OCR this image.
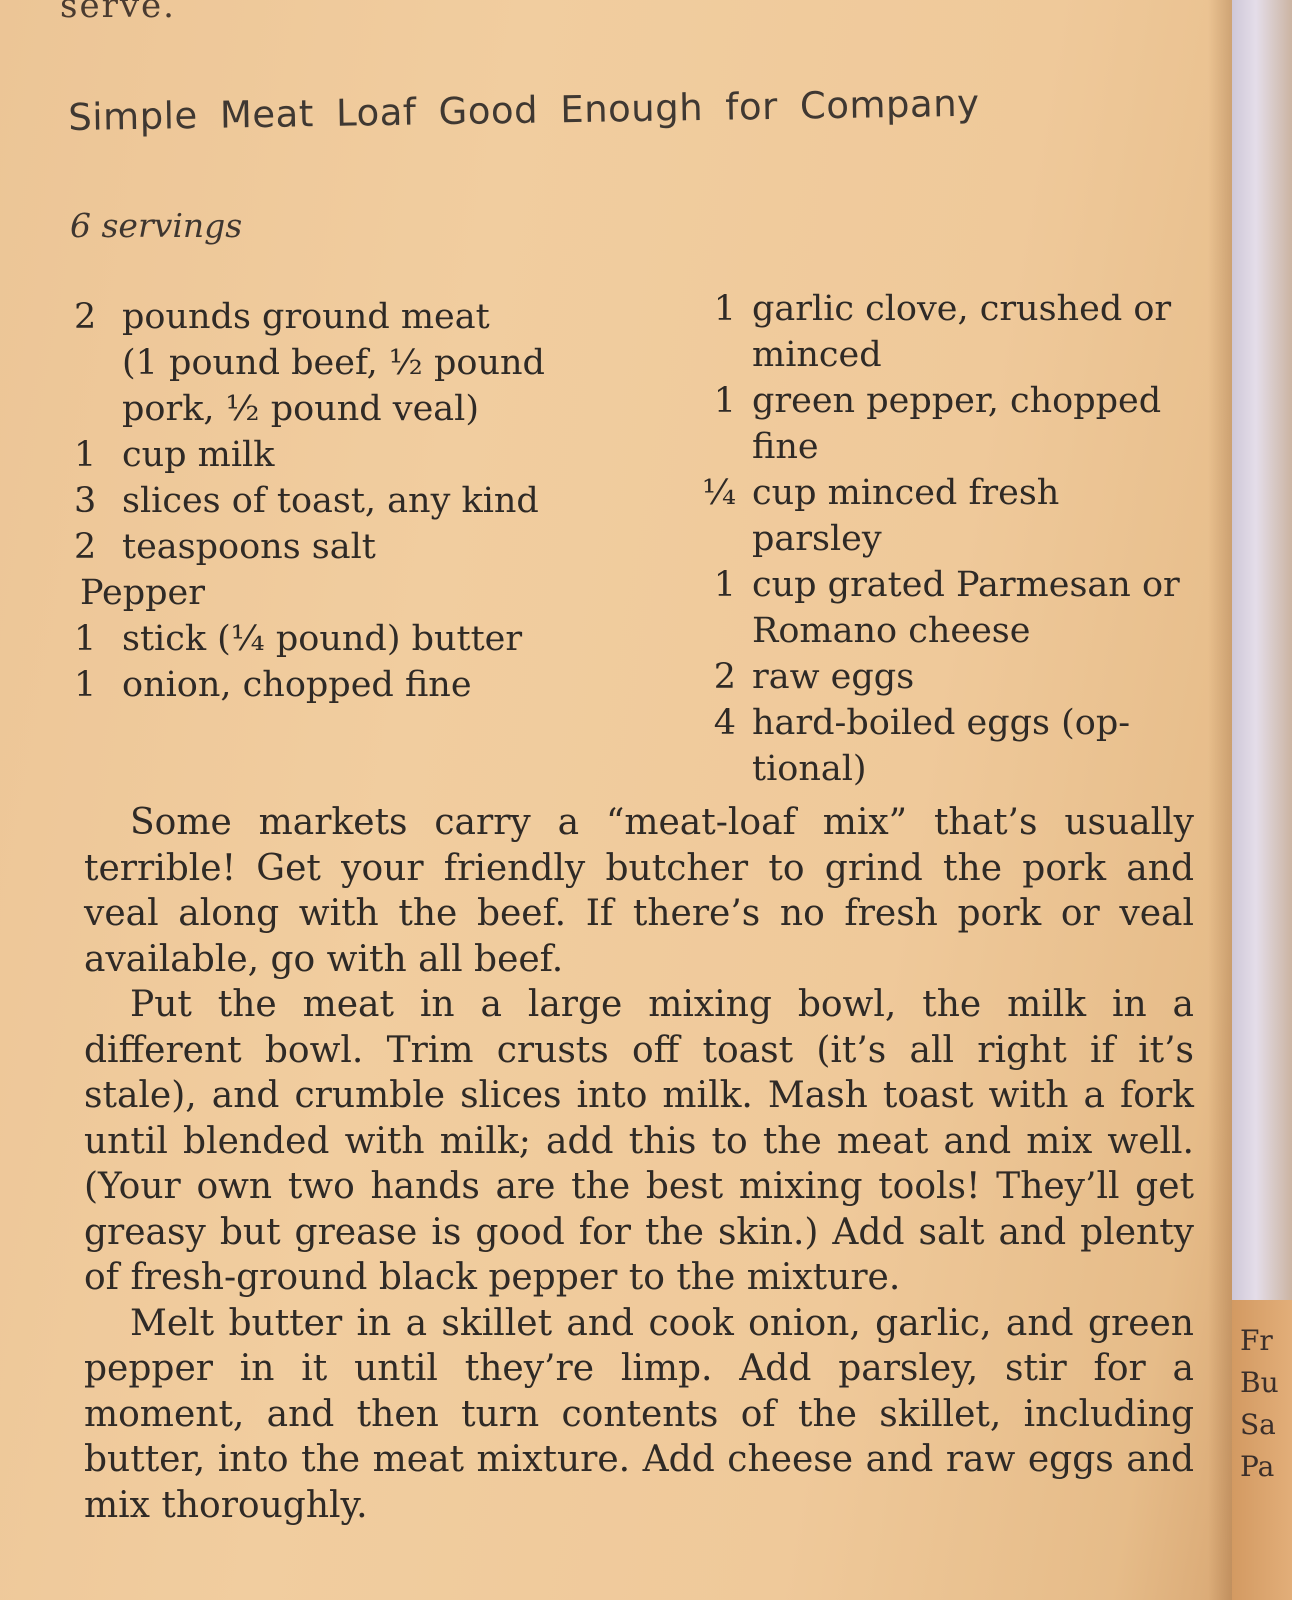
serve.
Simple Meat Loaf Good Enough for Company
6 servings
2 pounds ground meat
(1 pound beef, ½ pound
pork, ½ pound veal)
1 cup milk
3 slices of toast, any kind
2 teaspoons salt
Pepper
1 stick (¼ pound) butter
1 onion, chopped fine
1 garlic clove, crushed or
minced
1 green pepper, chopped
fine
¼ cup minced fresh parsley
1 cup grated Parmesan or
Romano cheese
2 raw eggs
4 hard-boiled eggs (op-
tional)

Some markets carry a “meat-loaf mix” that’s usually terrible! Get your friendly butcher to grind the pork and veal along with the beef. If there’s no fresh pork or veal available, go with all beef.

Put the meat in a large mixing bowl, the milk in a different bowl. Trim crusts off toast (it’s all right if it’s stale), and crumble slices into milk. Mash toast with a fork until blended with milk; add this to the meat and mix well. (Your own two hands are the best mixing tools! They’ll get greasy but grease is good for the skin.) Add salt and plenty of fresh-ground black pepper to the mixture.

Melt butter in a skillet and cook onion, garlic, and green pepper in it until they’re limp. Add parsley, stir for a moment, and then turn contents of the skillet, including butter, into the meat mixture. Add cheese and raw eggs and mix thoroughly.

Fr
Bu
Sa
Pa
